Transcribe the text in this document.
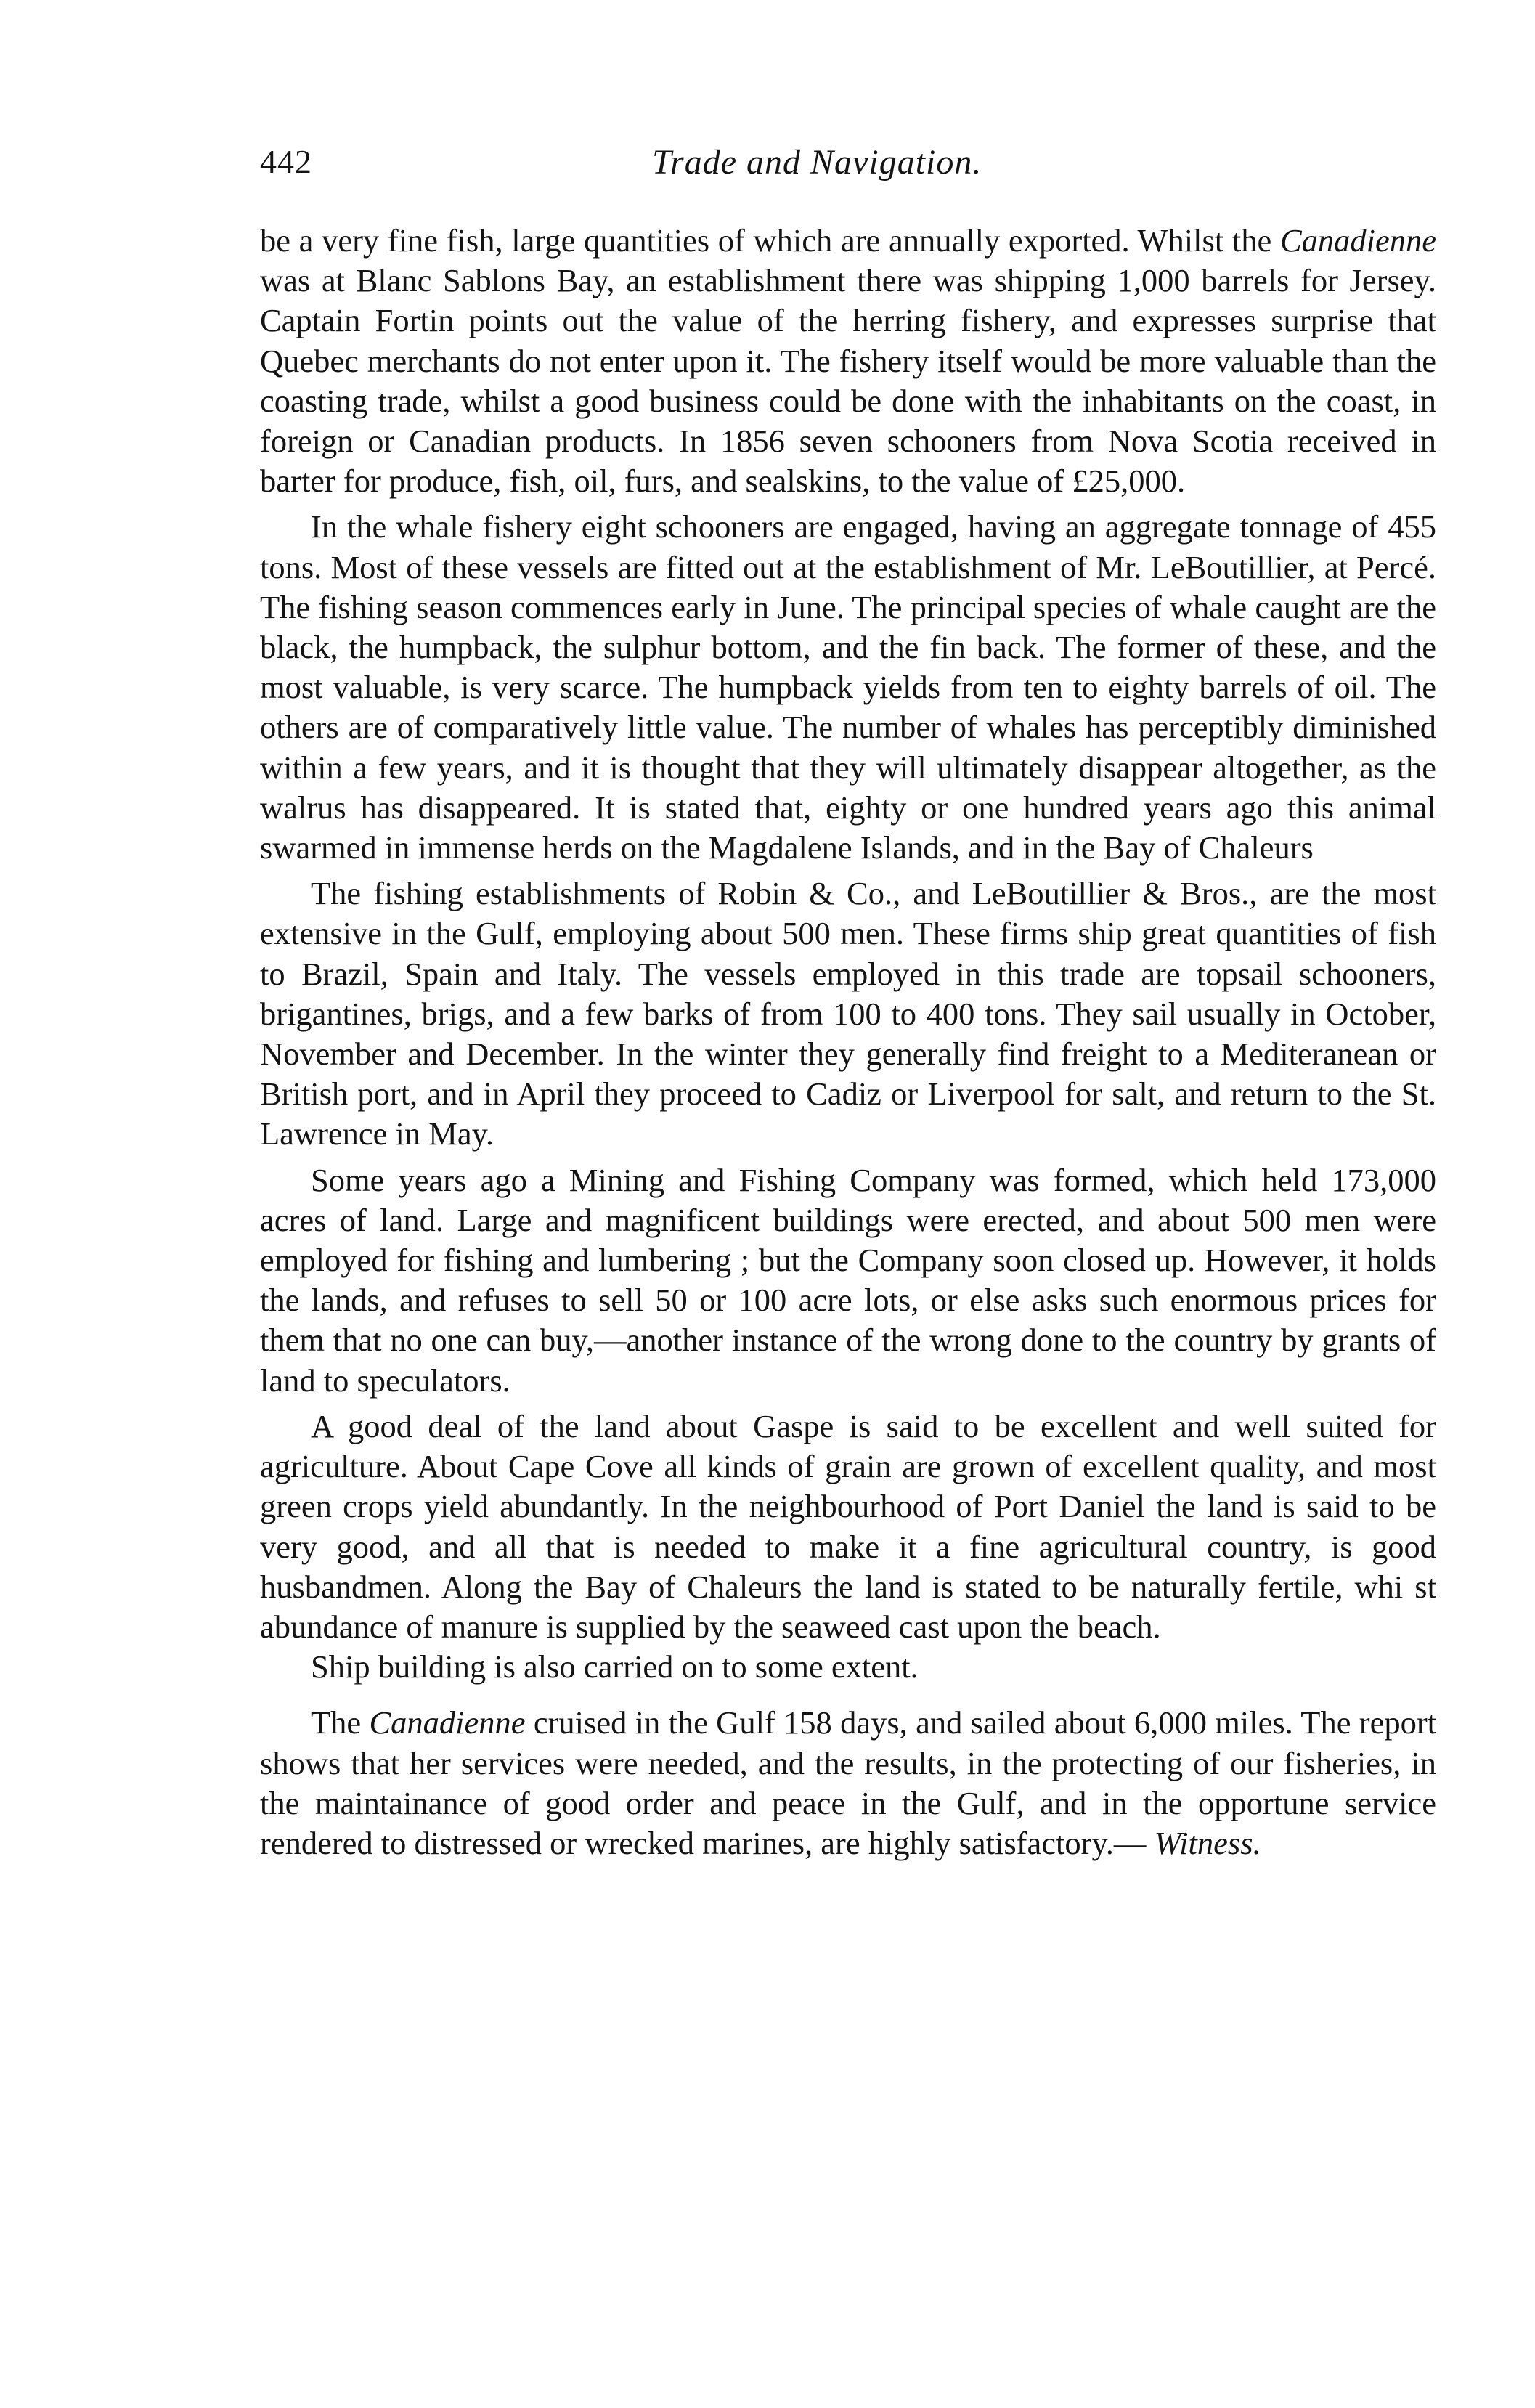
442	Trade and Navigation.

be a very fine fish, large quantities of which are annually exported. Whilst the Canadienne was at Blanc Sablons Bay, an establishment there was shipping 1,000 barrels for Jersey. Captain Fortin points out the value of the herring fishery, and expresses surprise that Quebec merchants do not enter upon it. The fishery itself would be more valuable than the coasting trade, whilst a good business could be done with the inhabitants on the coast, in foreign or Canadian products. In 1856 seven schooners from Nova Scotia received in barter for produce, fish, oil, furs, and sealskins, to the value of £25,000.

In the whale fishery eight schooners are engaged, having an aggregate tonnage of 455 tons. Most of these vessels are fitted out at the establishment of Mr. LeBoutillier, at Percé. The fishing season commences early in June. The principal species of whale caught are the black, the humpback, the sulphur bottom, and the fin back. The former of these, and the most valuable, is very scarce. The humpback yields from ten to eighty barrels of oil. The others are of comparatively little value. The number of whales has perceptibly diminished within a few years, and it is thought that they will ultimately disappear altogether, as the walrus has disappeared. It is stated that, eighty or one hundred years ago this animal swarmed in immense herds on the Magdalene Islands, and in the Bay of Chaleurs

The fishing establishments of Robin & Co., and LeBoutillier & Bros., are the most extensive in the Gulf, employing about 500 men. These firms ship great quantities of fish to Brazil, Spain and Italy. The vessels employed in this trade are topsail schooners, brigantines, brigs, and a few barks of from 100 to 400 tons. They sail usually in October, November and December. In the winter they generally find freight to a Mediteranean or British port, and in April they proceed to Cadiz or Liverpool for salt, and return to the St. Lawrence in May.

Some years ago a Mining and Fishing Company was formed, which held 173,000 acres of land. Large and magnificent buildings were erected, and about 500 men were employed for fishing and lumbering ; but the Company soon closed up. However, it holds the lands, and refuses to sell 50 or 100 acre lots, or else asks such enormous prices for them that no one can buy,—another instance of the wrong done to the country by grants of land to speculators.

A good deal of the land about Gaspe is said to be excellent and well suited for agriculture. About Cape Cove all kinds of grain are grown of excellent quality, and most green crops yield abundantly. In the neighbourhood of Port Daniel the land is said to be very good, and all that is needed to make it a fine agricultural country, is good husbandmen. Along the Bay of Chaleurs the land is stated to be naturally fertile, whi st abundance of manure is supplied by the seaweed cast upon the beach.

Ship building is also carried on to some extent.

The Canadienne cruised in the Gulf 158 days, and sailed about 6,000 miles. The report shows that her services were needed, and the results, in the protecting of our fisheries, in the maintainance of good order and peace in the Gulf, and in the opportune service rendered to distressed or wrecked marines, are highly satisfactory.— Witness.
